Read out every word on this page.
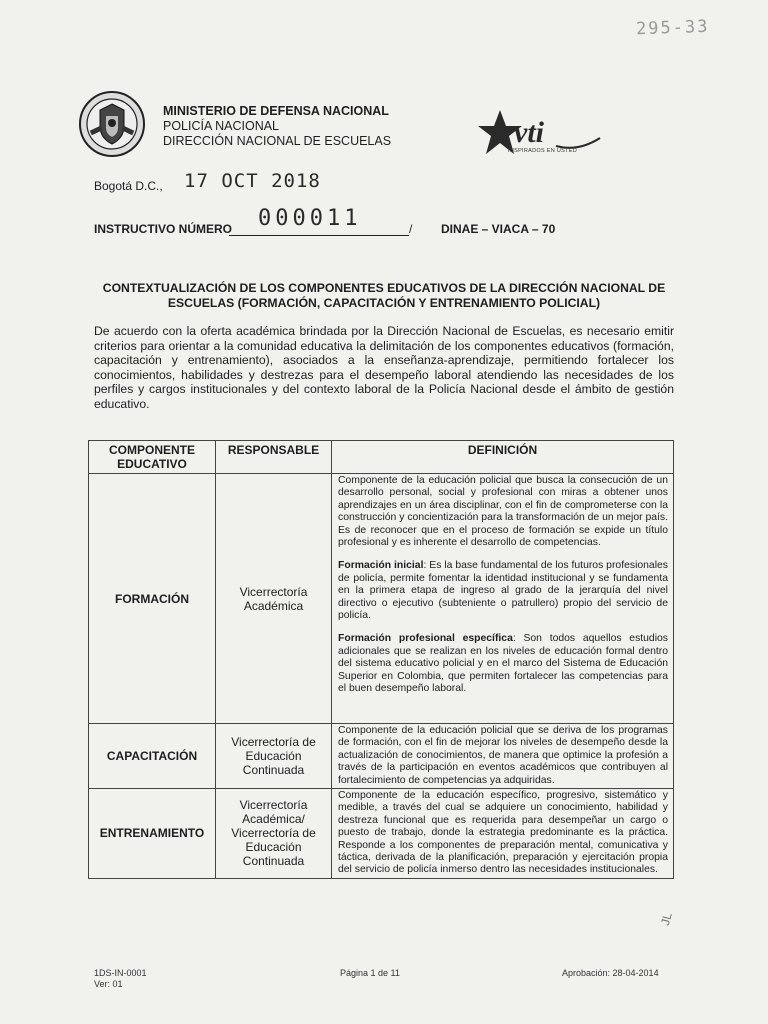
295-33
MINISTERIO DE DEFENSA NACIONAL
POLICÍA NACIONAL
DIRECCIÓN NACIONAL DE ESCUELAS	vti
INSPIRADOS EN USTED
Bogotá D.C., 17 OCT 2018
INSTRUCTIVO NÚMERO 000011	/ DINAE – VIACA – 70
CONTEXTUALIZACIÓN DE LOS COMPONENTES EDUCATIVOS DE LA DIRECCIÓN NACIONAL DE ESCUELAS (FORMACIÓN, CAPACITACIÓN Y ENTRENAMIENTO POLICIAL)
De acuerdo con la oferta académica brindada por la Dirección Nacional de Escuelas, es necesario emitir criterios para orientar a la comunidad educativa la delimitación de los componentes educativos (formación, capacitación y entrenamiento), asociados a la enseñanza-aprendizaje, permitiendo fortalecer los conocimientos, habilidades y destrezas para el desempeño laboral atendiendo las necesidades de los perfiles y cargos institucionales y del contexto laboral de la Policía Nacional desde el ámbito de gestión educativo.
COMPONENTE EDUCATIVO	RESPONSABLE	DEFINICIÓN
FORMACIÓN	Vicerrectoría Académica	Componente de la educación policial que busca la consecución de un desarrollo personal, social y profesional con miras a obtener unos aprendizajes en un área disciplinar, con el fin de comprometerse con la construcción y concientización para la transformación de un mejor país. Es de reconocer que en el proceso de formación se expide un título profesional y es inherente el desarrollo de competencias.

Formación inicial: Es la base fundamental de los futuros profesionales de policía, permite fomentar la identidad institucional y se fundamenta en la primera etapa de ingreso al grado de la jerarquía del nivel directivo o ejecutivo (subteniente o patrullero) propio del servicio de policía.

Formación profesional específica: Son todos aquellos estudios adicionales que se realizan en los niveles de educación formal dentro del sistema educativo policial y en el marco del Sistema de Educación Superior en Colombia, que permiten fortalecer las competencias para el buen desempeño laboral.

CAPACITACIÓN	Vicerrectoría de Educación Continuada	Componente de la educación policial que se deriva de los programas de formación, con el fin de mejorar los niveles de desempeño desde la actualización de conocimientos, de manera que optimice la profesión a través de la participación en eventos académicos que contribuyen al fortalecimiento de competencias ya adquiridas.
ENTRENAMIENTO	Vicerrectoría Académica/ Vicerrectoría de Educación Continuada	Componente de la educación específico, progresivo, sistemático y medible, a través del cual se adquiere un conocimiento, habilidad y destreza funcional que es requerida para desempeñar un cargo o puesto de trabajo, donde la estrategia predominante es la práctica. Responde a los componentes de preparación mental, comunicativa y táctica, derivada de la planificación, preparación y ejercitación propia del servicio de policía inmerso dentro las necesidades institucionales.
JL
1DS-IN-0001
Ver: 01
Página 1 de 11	Aprobación: 28-04-2014
